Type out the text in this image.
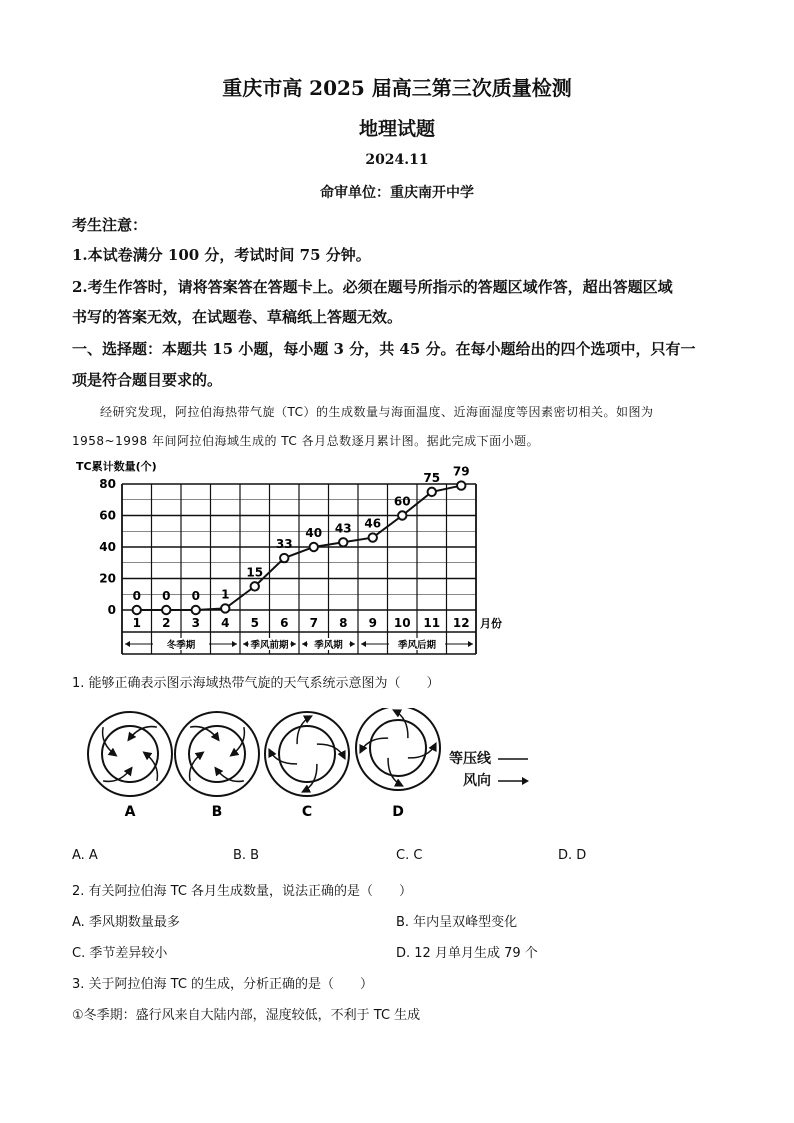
重庆市高 2025 届高三第三次质量检测
地理试题
2024.11
命审单位：重庆南开中学
考生注意：
1.本试卷满分 100 分，考试时间 75 分钟。
2.考生作答时，请将答案答在答题卡上。必须在题号所指示的答题区域作答，超出答题区域
书写的答案无效，在试题卷、草稿纸上答题无效。
一、选择题：本题共 15 小题，每小题 3 分，共 45 分。在每小题给出的四个选项中，只有一
项是符合题目要求的。
经研究发现，阿拉伯海热带气旋（TC）的生成数量与海面温度、近海面湿度等因素密切相关。如图为
1958~1998 年间阿拉伯海域生成的 TC 各月总数逐月累计图。据此完成下面小题。
TC累计数量(个)
0
20
40
60
80
1 2 3 4 5 6 7 8 9 10 11 12 月份
冬季期	季风前期	季风期	季风后期
0 0 0 1
15
33
40 43 46
60
75 79
1. 能够正确表示图示海域热带气旋的天气系统示意图为（　　）
A	B	C	D
等压线
风向
A. A	B. B	C. C	D. D
2. 有关阿拉伯海 TC 各月生成数量，说法正确的是（　　）
A. 季风期数量最多	B. 年内呈双峰型变化
C. 季节差异较小	D. 12 月单月生成 79 个
3. 关于阿拉伯海 TC 的生成，分析正确的是（　　）
①冬季期：盛行风来自大陆内部，湿度较低，不利于 TC 生成
